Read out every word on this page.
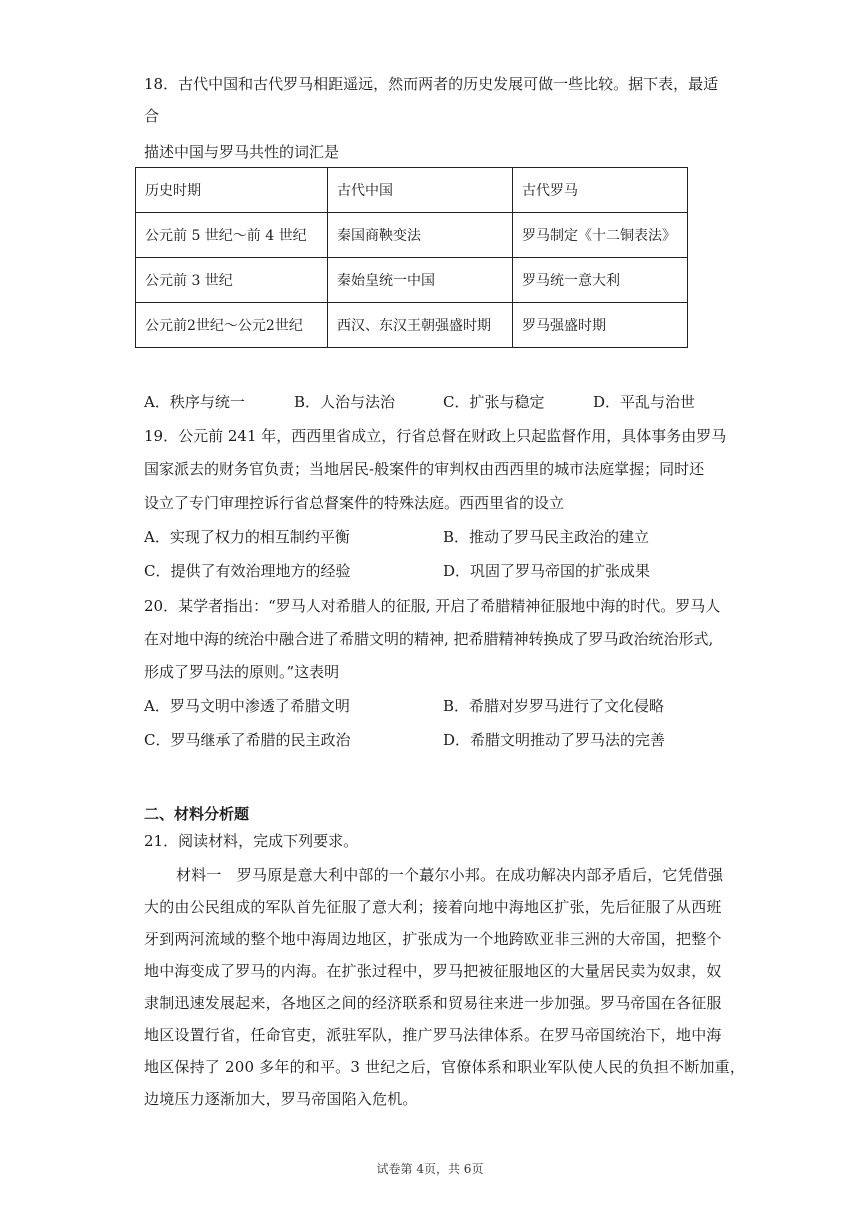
18．古代中国和古代罗马相距遥远，然而两者的历史发展可做一些比较。据下表，最适
合
描述中国与罗马共性的词汇是
历史时期	古代中国	古代罗马
公元前 5 世纪～前 4 世纪	秦国商鞅变法	罗马制定《十二铜表法》
公元前 3 世纪	秦始皇统一中国	罗马统一意大利
公元前2世纪～公元2世纪	西汉、东汉王朝强盛时期	罗马强盛时期
A．秩序与统一	B．人治与法治	C．扩张与稳定	D．平乱与治世
19．公元前 241 年，西西里省成立，行省总督在财政上只起监督作用，具体事务由罗马
国家派去的财务官负责；当地居民-般案件的审判权由西西里的城市法庭掌握；同时还
设立了专门审理控诉行省总督案件的特殊法庭。西西里省的设立
A．实现了权力的相互制约平衡	B．推动了罗马民主政治的建立
C．提供了有效治理地方的经验	D．巩固了罗马帝国的扩张成果
20．某学者指出：“罗马人对希腊人的征服, 开启了希腊精神征服地中海的时代。罗马人
在对地中海的统治中融合进了希腊文明的精神, 把希腊精神转换成了罗马政治统治形式,
形成了罗马法的原则。”这表明
A．罗马文明中渗透了希腊文明	B．希腊对岁罗马进行了文化侵略
C．罗马继承了希腊的民主政治	D．希腊文明推动了罗马法的完善
二、材料分析题
21．阅读材料，完成下列要求。
材料一　罗马原是意大利中部的一个蕞尔小邦。在成功解决内部矛盾后，它凭借强
大的由公民组成的军队首先征服了意大利；接着向地中海地区扩张，先后征服了从西班
牙到两河流域的整个地中海周边地区，扩张成为一个地跨欧亚非三洲的大帝国，把整个
地中海变成了罗马的内海。在扩张过程中，罗马把被征服地区的大量居民卖为奴隶，奴
隶制迅速发展起来，各地区之间的经济联系和贸易往来进一步加强。罗马帝国在各征服
地区设置行省，任命官吏，派驻军队，推广罗马法律体系。在罗马帝国统治下，地中海
地区保持了 200 多年的和平。3 世纪之后，官僚体系和职业军队使人民的负担不断加重，
边境压力逐渐加大，罗马帝国陷入危机。
试卷第 4页，共 6页
